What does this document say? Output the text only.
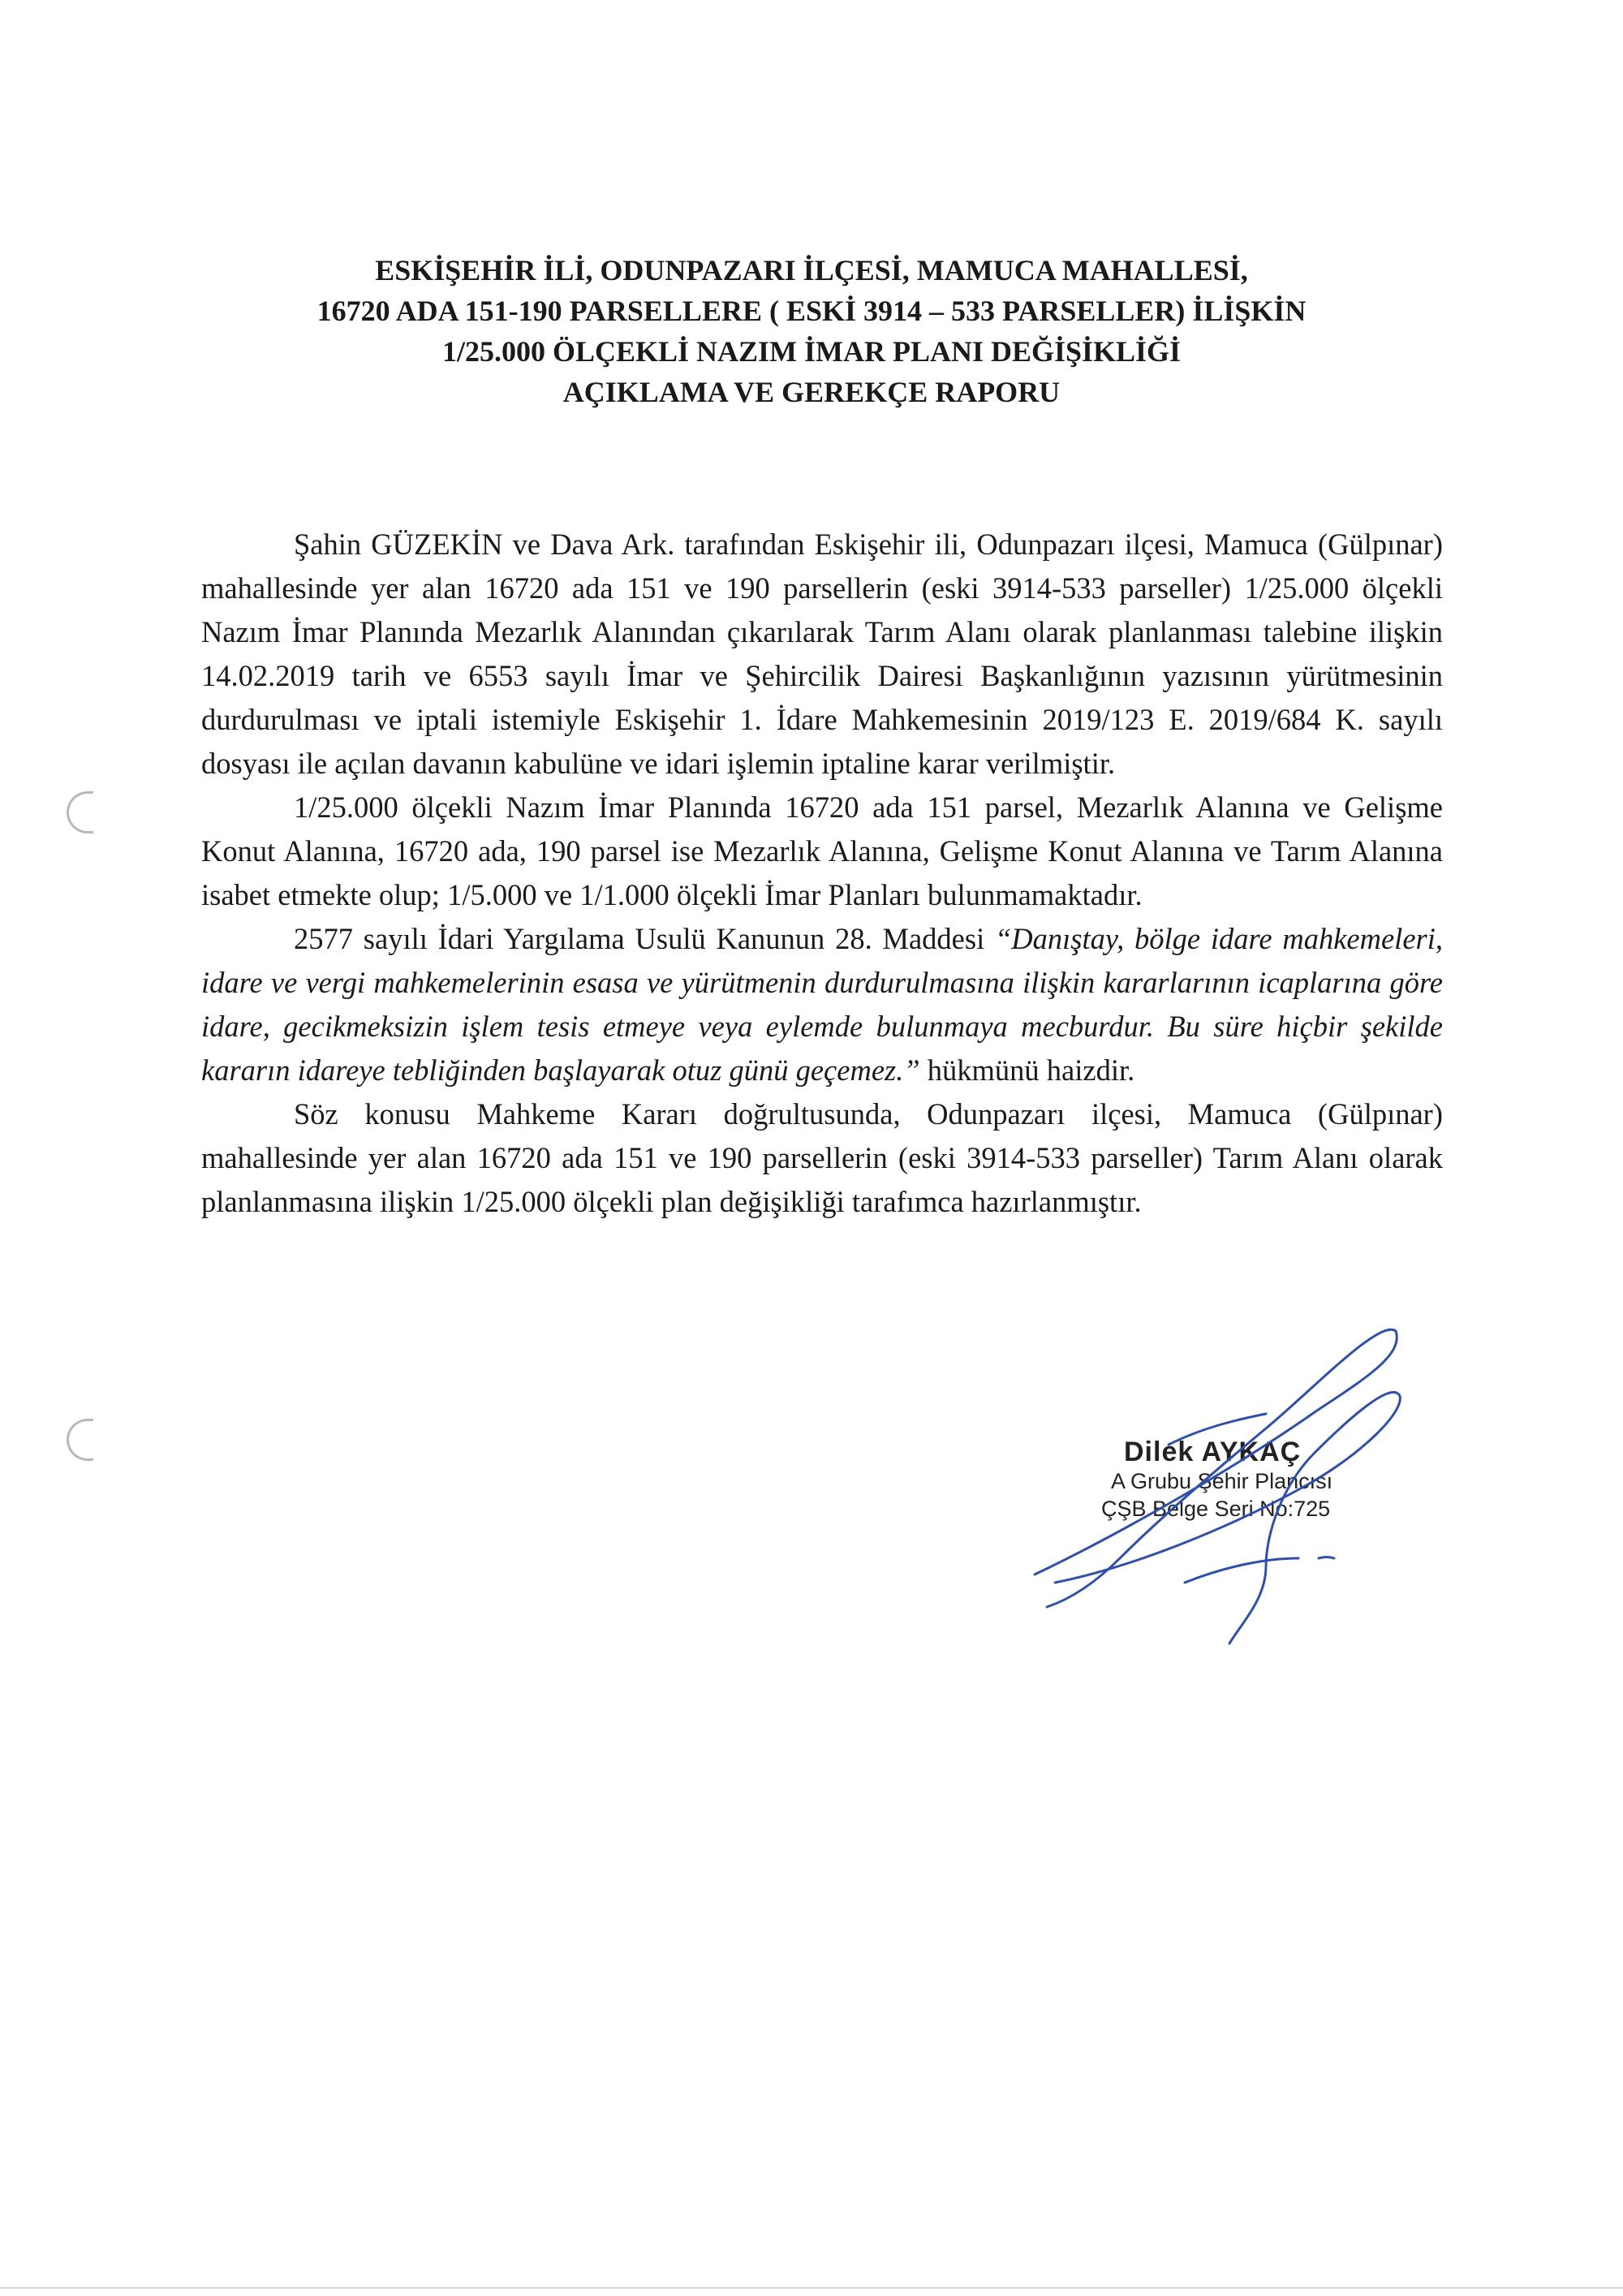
ESKİŞEHİR İLİ, ODUNPAZARI İLÇESİ, MAMUCA MAHALLESİ,
16720 ADA 151-190 PARSELLERE ( ESKİ 3914 – 533 PARSELLER) İLİŞKİN
1/25.000 ÖLÇEKLİ NAZIM İMAR PLANI DEĞİŞİKLİĞİ
AÇIKLAMA VE GEREKÇE RAPORU

Şahin GÜZEKİN ve Dava Ark. tarafından Eskişehir ili, Odunpazarı ilçesi, Mamuca (Gülpınar) mahallesinde yer alan 16720 ada 151 ve 190 parsellerin (eski 3914-533 parseller) 1/25.000 ölçekli Nazım İmar Planında Mezarlık Alanından çıkarılarak Tarım Alanı olarak planlanması talebine ilişkin 14.02.2019 tarih ve 6553 sayılı İmar ve Şehircilik Dairesi Başkanlığının yazısının yürütmesinin durdurulması ve iptali istemiyle Eskişehir 1. İdare Mahkemesinin 2019/123 E. 2019/684 K. sayılı dosyası ile açılan davanın kabulüne ve idari işlemin iptaline karar verilmiştir.

1/25.000 ölçekli Nazım İmar Planında 16720 ada 151 parsel, Mezarlık Alanına ve Gelişme Konut Alanına, 16720 ada, 190 parsel ise Mezarlık Alanına, Gelişme Konut Alanına ve Tarım Alanına isabet etmekte olup; 1/5.000 ve 1/1.000 ölçekli İmar Planları bulunmamaktadır.

2577 sayılı İdari Yargılama Usulü Kanunun 28. Maddesi “Danıştay, bölge idare mahkemeleri, idare ve vergi mahkemelerinin esasa ve yürütmenin durdurulmasına ilişkin kararlarının icaplarına göre idare, gecikmeksizin işlem tesis etmeye veya eylemde bulunmaya mecburdur. Bu süre hiçbir şekilde kararın idareye tebliğinden başlayarak otuz günü geçemez.” hükmünü haizdir.

Söz konusu Mahkeme Kararı doğrultusunda, Odunpazarı ilçesi, Mamuca (Gülpınar) mahallesinde yer alan 16720 ada 151 ve 190 parsellerin (eski 3914-533 parseller) Tarım Alanı olarak planlanmasına ilişkin 1/25.000 ölçekli plan değişikliği tarafımca hazırlanmıştır.

Dilek AYKAÇ
A Grubu Şehir Plancısı
ÇŞB Belge Seri No:725
